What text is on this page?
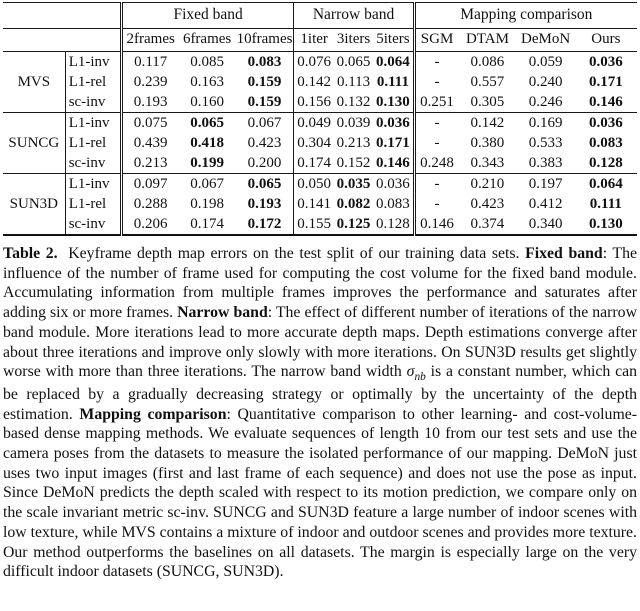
		Fixed band			Narrow band			Mapping comparison			
		2frames	6frames	10frames	1iter	3iters	5iters	SGM	DTAM	DeMoN	Ours
MVS	L1-inv	0.117	0.085	0.083	0.076	0.065	0.064	-	0.086	0.059	0.036
	L1-rel	0.239	0.163	0.159	0.142	0.113	0.111	-	0.557	0.240	0.171
	sc-inv	0.193	0.160	0.159	0.156	0.132	0.130	0.251	0.305	0.246	0.146
SUNCG	L1-inv	0.075	0.065	0.067	0.049	0.039	0.036	-	0.142	0.169	0.036
	L1-rel	0.439	0.418	0.423	0.304	0.213	0.171	-	0.380	0.533	0.083
	sc-inv	0.213	0.199	0.200	0.174	0.152	0.146	0.248	0.343	0.383	0.128
SUN3D	L1-inv	0.097	0.067	0.065	0.050	0.035	0.036	-	0.210	0.197	0.064
	L1-rel	0.288	0.198	0.193	0.141	0.082	0.083	-	0.423	0.412	0.111
	sc-inv	0.206	0.174	0.172	0.155	0.125	0.128	0.146	0.374	0.340	0.130

Table 2. Keyframe depth map errors on the test split of our training data sets. Fixed band: The influence of the number of frame used for computing the cost volume for the fixed band module. Accumulating information from multiple frames improves the performance and saturates after adding six or more frames. Narrow band: The effect of different number of iterations of the narrow band module. More iterations lead to more accurate depth maps. Depth estimations converge after about three iterations and improve only slowly with more iterations. On SUN3D results get slightly worse with more than three iterations. The narrow band width $\sigma_{nb}$ is a constant number, which can be replaced by a gradually decreasing strategy or optimally by the uncertainty of the depth estimation. Mapping comparison: Quantitative comparison to other learning- and cost-volume-based dense mapping methods. We evaluate sequences of length 10 from our test sets and use the camera poses from the datasets to measure the isolated performance of our mapping. DeMoN just uses two input images (first and last frame of each sequence) and does not use the pose as input. Since DeMoN predicts the depth scaled with respect to its motion prediction, we compare only on the scale invariant metric sc-inv. SUNCG and SUN3D feature a large number of indoor scenes with low texture, while MVS contains a mixture of indoor and outdoor scenes and provides more texture. Our method outperforms the baselines on all datasets. The margin is especially large on the very difficult indoor datasets (SUNCG, SUN3D).
